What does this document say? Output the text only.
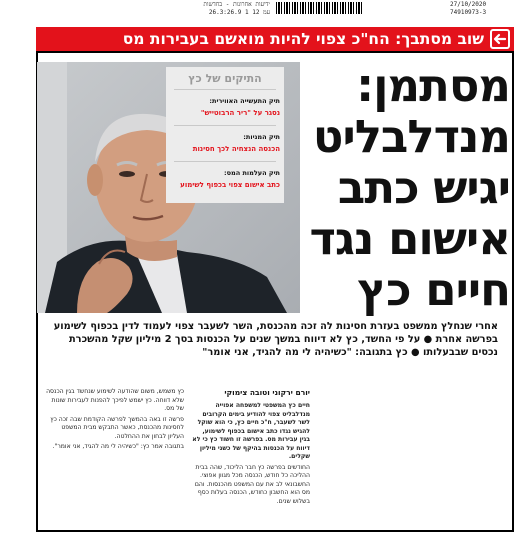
27/10/2020
74910973-3
ידיעות אחרונות - בחדשות
26.3:26.9 1 12 עמ
שוב מסתבך: הח"כ צפוי להיות מואשם בעבירות מס
התיקים של כץ
תיק התעשייה האווירית:
נסגר על "ריר הרבוטייש"
תיק המניות:
הכנסה הנצחיה לכך חסינות
תיק העלמות המס:
כתב אישום צפוי בכפוף לשימוע
מסתמן:
מנדלבליט
יגיש כתב
אישום נגד
חיים כץ
אחרי שנחלץ ממשפט בעזרת חסינות לה זכה מהכנסת, השר לשעבר צפוי לעמוד לדין בכפוף לשימוע בפרשה אחרת ● על פי החשד, כץ לא דיווח במשך שנים על הכנסות בסך 2 מיליון שקל מהשכרת נכסים שבבעלותו ● כץ בתגובה: "כשיהיה לי מה להגיד, אני אומר"
יורם ירקוני וטובה צימוקי

חיים כץ המשפטי למשפחה אפוייה מנדלבליט צפוי להודיע בימים הקרובים לשר לשעבר, ח"כ חיים כץ, כי הוא שוקל להגיש נגדו כתב אישום בכפוף לשימוע, בגין עבירות מס. בפרשה זו חשוד כץ כי לא דיווח על הכנסות בהיקף של כשני מיליון שקלים.

החודשים בפרשה כץ חבר הליכוד, שהה בבית ההליכה כל חודש, הכנסה מכל מגוון אפוצי. החשבונאי לב את עם המשפט מהכנסות. והם מס הוא החשבון כחודש, הכנסה בעלות כסף בשלוש שנים.

כץ משמש, משום שהודעה לשימוע שנחשד בגין הכנסה שלא דווחה. כץ ישמש לפיכך להפנות לעבירות שונות של מס.

פרשה זו באה בהמשך לפרשה הקודמת שבה זכה כץ לחסינות מהכנסת, כאשר התבקש מבית המשפט העליון לבחון את ההחלטה.

בתגובה אמר כץ: "כשיהיה לי מה להגיד, אני אומר".
